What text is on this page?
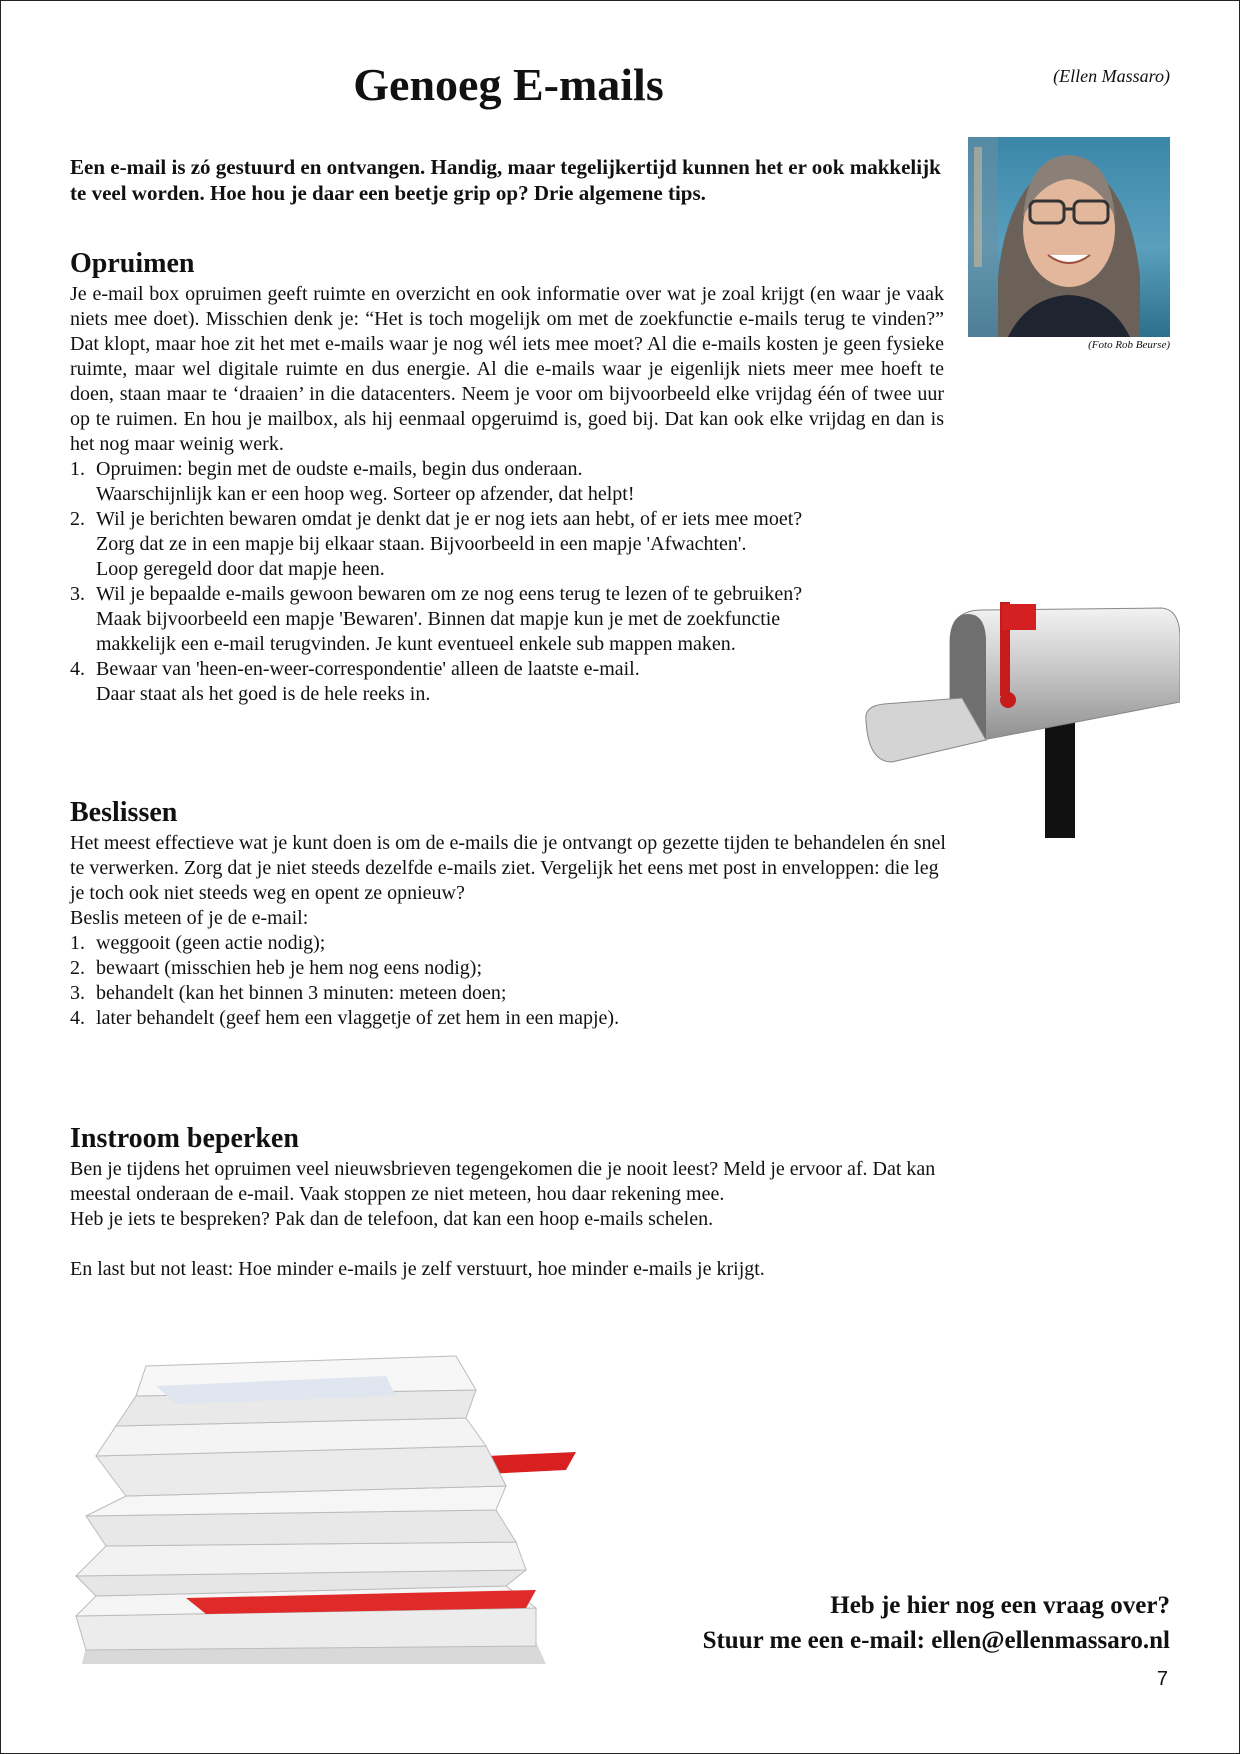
Genoeg E-mails	(Ellen Massaro)

Een e-mail is zó gestuurd en ontvangen. Handig, maar tegelijkertijd kunnen het er ook makkelijk te veel worden. Hoe hou je daar een beetje grip op? Drie algemene tips.

(Foto Rob Beurse)
Opruimen

Je e-mail box opruimen geeft ruimte en overzicht en ook informatie over wat je zoal krijgt (en waar je vaak niets mee doet). Misschien denk je: “Het is toch mogelijk om met de zoekfunctie e-mails terug te vinden?” Dat klopt, maar hoe zit het met e-mails waar je nog wél iets mee moet? Al die e-mails kosten je geen fysieke ruimte, maar wel digitale ruimte en dus energie. Al die e-mails waar je eigenlijk niets meer mee hoeft te doen, staan maar te ‘draaien’ in die datacenters. Neem je voor om bijvoorbeeld elke vrijdag één of twee uur op te ruimen. En hou je mailbox, als hij eenmaal opgeruimd is, goed bij. Dat kan ook elke vrijdag en dan is het nog maar weinig werk.

1. Opruimen: begin met de oudste e-mails, begin dus onderaan.
Waarschijnlijk kan er een hoop weg. Sorteer op afzender, dat helpt!
2. Wil je berichten bewaren omdat je denkt dat je er nog iets aan hebt, of er iets mee moet?
Zorg dat ze in een mapje bij elkaar staan. Bijvoorbeeld in een mapje 'Afwachten'.
Loop geregeld door dat mapje heen.
3. Wil je bepaalde e-mails gewoon bewaren om ze nog eens terug te lezen of te gebruiken?
Maak bijvoorbeeld een mapje 'Bewaren'. Binnen dat mapje kun je met de zoekfunctie
makkelijk een e-mail terugvinden. Je kunt eventueel enkele sub mappen maken.
4. Bewaar van 'heen-en-weer-correspondentie' alleen de laatste e-mail.
Daar staat als het goed is de hele reeks in.
Beslissen

Het meest effectieve wat je kunt doen is om de e-mails die je ontvangt op gezette tijden te behandelen én snel te verwerken. Zorg dat je niet steeds dezelfde e-mails ziet. Vergelijk het eens met post in enveloppen: die leg je toch ook niet steeds weg en opent ze opnieuw?

Beslis meteen of je de e-mail:

1. weggooit (geen actie nodig);
2. bewaart (misschien heb je hem nog eens nodig);
3. behandelt (kan het binnen 3 minuten: meteen doen;
4. later behandelt (geef hem een vlaggetje of zet hem in een mapje).
Instroom beperken

Ben je tijdens het opruimen veel nieuwsbrieven tegengekomen die je nooit leest? Meld je ervoor af. Dat kan meestal onderaan de e-mail. Vaak stoppen ze niet meteen, hou daar rekening mee.

Heb je iets te bespreken? Pak dan de telefoon, dat kan een hoop e-mails schelen.

En last but not least: Hoe minder e-mails je zelf verstuurt, hoe minder e-mails je krijgt.

Heb je hier nog een vraag over?
Stuur me een e-mail: ellen@ellenmassaro.nl
7
